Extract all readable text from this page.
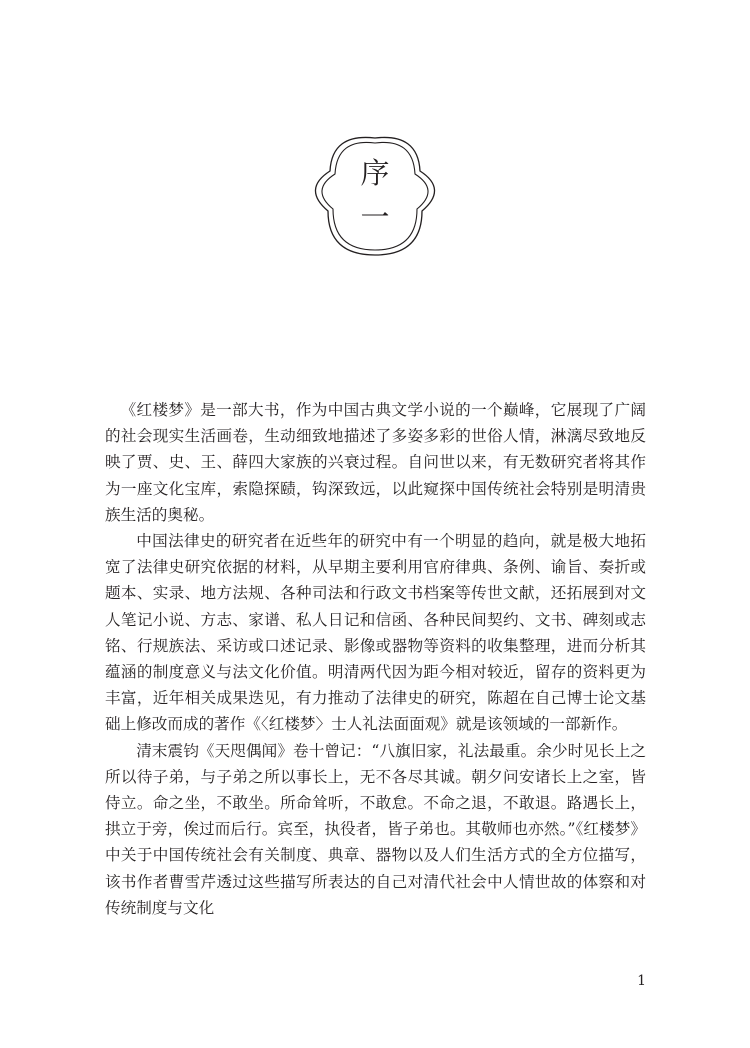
序
一

《红楼梦》是一部大书，作为中国古典文学小说的一个巅峰，它展现了广阔的社会现实生活画卷，生动细致地描述了多姿多彩的世俗人情，淋漓尽致地反映了贾、史、王、薛四大家族的兴衰过程。自问世以来，有无数研究者将其作为一座文化宝库，索隐探赜，钩深致远，以此窥探中国传统社会特别是明清贵族生活的奥秘。

中国法律史的研究者在近些年的研究中有一个明显的趋向，就是极大地拓宽了法律史研究依据的材料，从早期主要利用官府律典、条例、谕旨、奏折或题本、实录、地方法规、各种司法和行政文书档案等传世文献，还拓展到对文人笔记小说、方志、家谱、私人日记和信函、各种民间契约、文书、碑刻或志铭、行规族法、采访或口述记录、影像或器物等资料的收集整理，进而分析其蕴涵的制度意义与法文化价值。明清两代因为距今相对较近，留存的资料更为丰富，近年相关成果迭见，有力推动了法律史的研究，陈超在自己博士论文基础上修改而成的著作《〈红楼梦〉士人礼法面面观》就是该领域的一部新作。

清末震钧《天咫偶闻》卷十曾记：“八旗旧家，礼法最重。余少时见长上之所以待子弟，与子弟之所以事长上，无不各尽其诚。朝夕问安诸长上之室，皆侍立。命之坐，不敢坐。所命耸听，不敢怠。不命之退，不敢退。路遇长上，拱立于旁，俟过而后行。宾至，执役者，皆子弟也。其敬师也亦然。”《红楼梦》中关于中国传统社会有关制度、典章、器物以及人们生活方式的全方位描写，该书作者曹雪芹透过这些描写所表达的自己对清代社会中人情世故的体察和对传统制度与文化

1
